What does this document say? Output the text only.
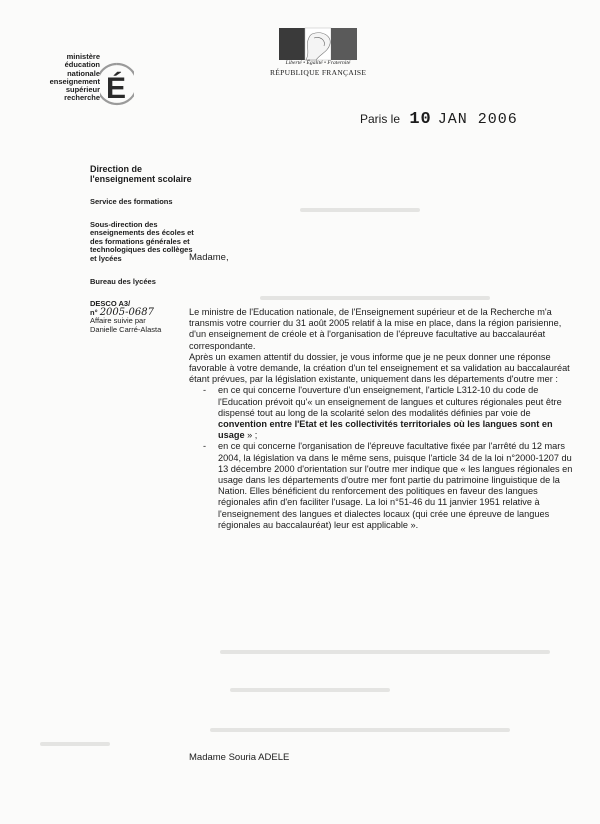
ministère
éducation
nationale
enseignement
supérieur
recherche É
Liberté • Égalité • Fraternité
RÉPUBLIQUE FRANÇAISE
Paris le 10 JAN 2006
Direction de l'enseignement scolaire
Service des formations
Sous-direction des enseignements des écoles et des formations générales et technologiques des collèges et lycées
Bureau des lycées
DESCO A3/
n° 2005-0687
Affaire suivie par
Danielle Carré-Alasta
Madame,

Le ministre de l'Education nationale, de l'Enseignement supérieur et de la Recherche m'a transmis votre courrier du 31 août 2005 relatif à la mise en place, dans la région parisienne, d'un enseignement de créole et à l'organisation de l'épreuve facultative au baccalauréat correspondante.

Après un examen attentif du dossier, je vous informe que je ne peux donner une réponse favorable à votre demande, la création d'un tel enseignement et sa validation au baccalauréat étant prévues, par la législation existante, uniquement dans les départements d'outre mer :

- en ce qui concerne l'ouverture d'un enseignement, l'article L312-10 du code de l'Education prévoit qu'« un enseignement de langues et cultures régionales peut être dispensé tout au long de la scolarité selon des modalités définies par voie de convention entre l'Etat et les collectivités territoriales où les langues sont en usage » ;
- en ce qui concerne l'organisation de l'épreuve facultative fixée par l'arrêté du 12 mars 2004, la législation va dans le même sens, puisque l'article 34 de la loi n°2000-1207 du 13 décembre 2000 d'orientation sur l'outre mer indique que « les langues régionales en usage dans les départements d'outre mer font partie du patrimoine linguistique de la Nation. Elles bénéficient du renforcement des politiques en faveur des langues régionales afin d'en faciliter l'usage. La loi n°51-46 du 11 janvier 1951 relative à l'enseignement des langues et dialectes locaux (qui crée une épreuve de langues régionales au baccalauréat) leur est applicable ».
Madame Souria ADELE
